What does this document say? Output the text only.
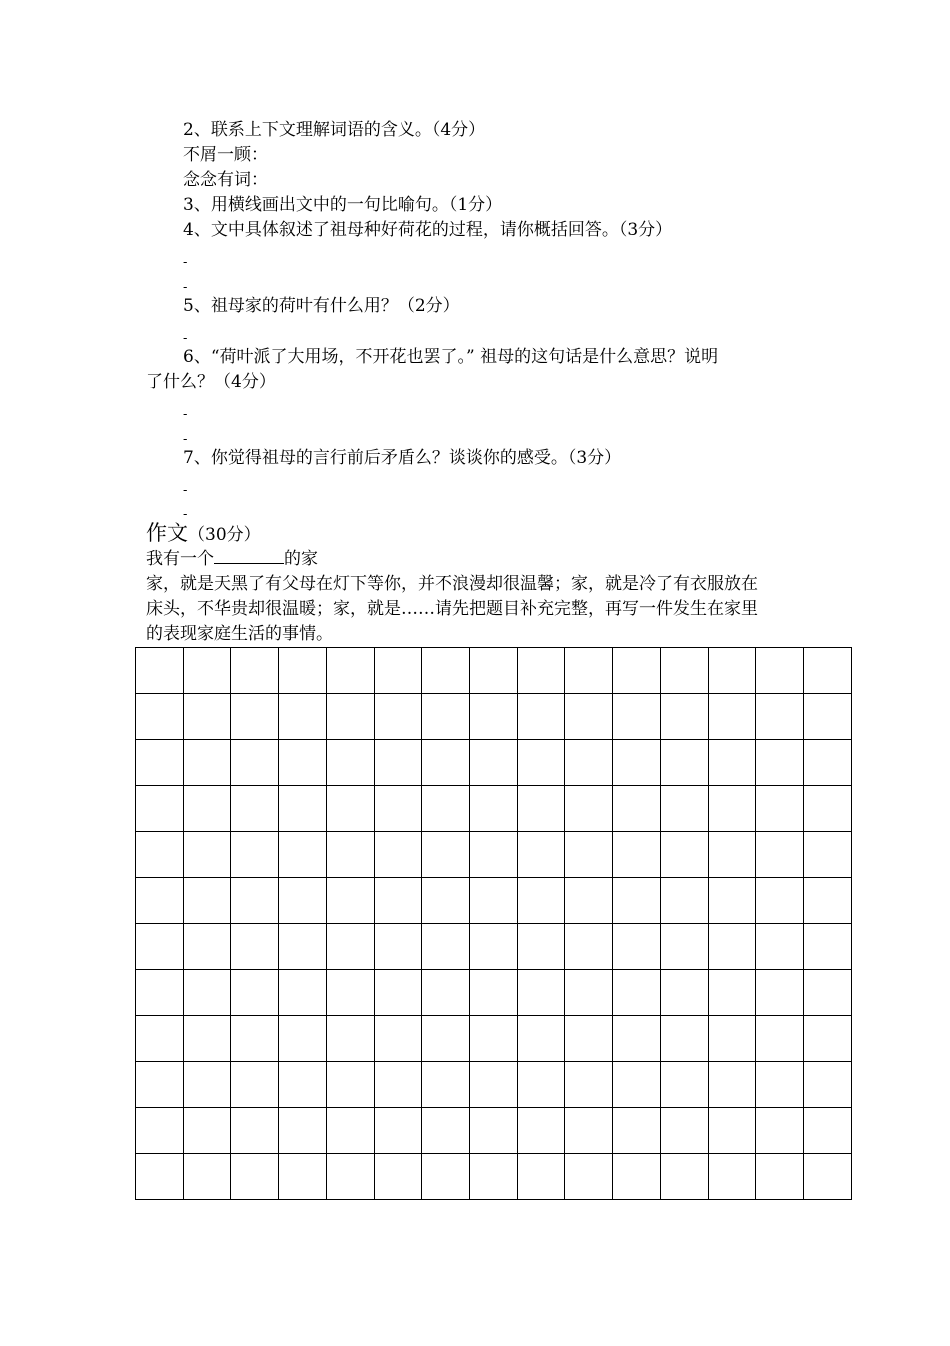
2、联系上下文理解词语的含义。（4分）
不屑一顾：
念念有词：
3、用横线画出文中的一句比喻句。（1分）
4、文中具体叙述了祖母种好荷花的过程，请你概括回答。（3分）
-
-
5、祖母家的荷叶有什么用？（2分）
-
6、“荷叶派了大用场，不开花也罢了。” 祖母的这句话是什么意思？说明
了什么？（4分）
-
-
7、你觉得祖母的言行前后矛盾么？谈谈你的感受。（3分）
-
-
作文（30分）
我有一个	的家
家，就是天黑了有父母在灯下等你，并不浪漫却很温馨；家，就是冷了有衣服放在
床头，不华贵却很温暖；家，就是……请先把题目补充完整，再写一件发生在家里
的表现家庭生活的事情。
